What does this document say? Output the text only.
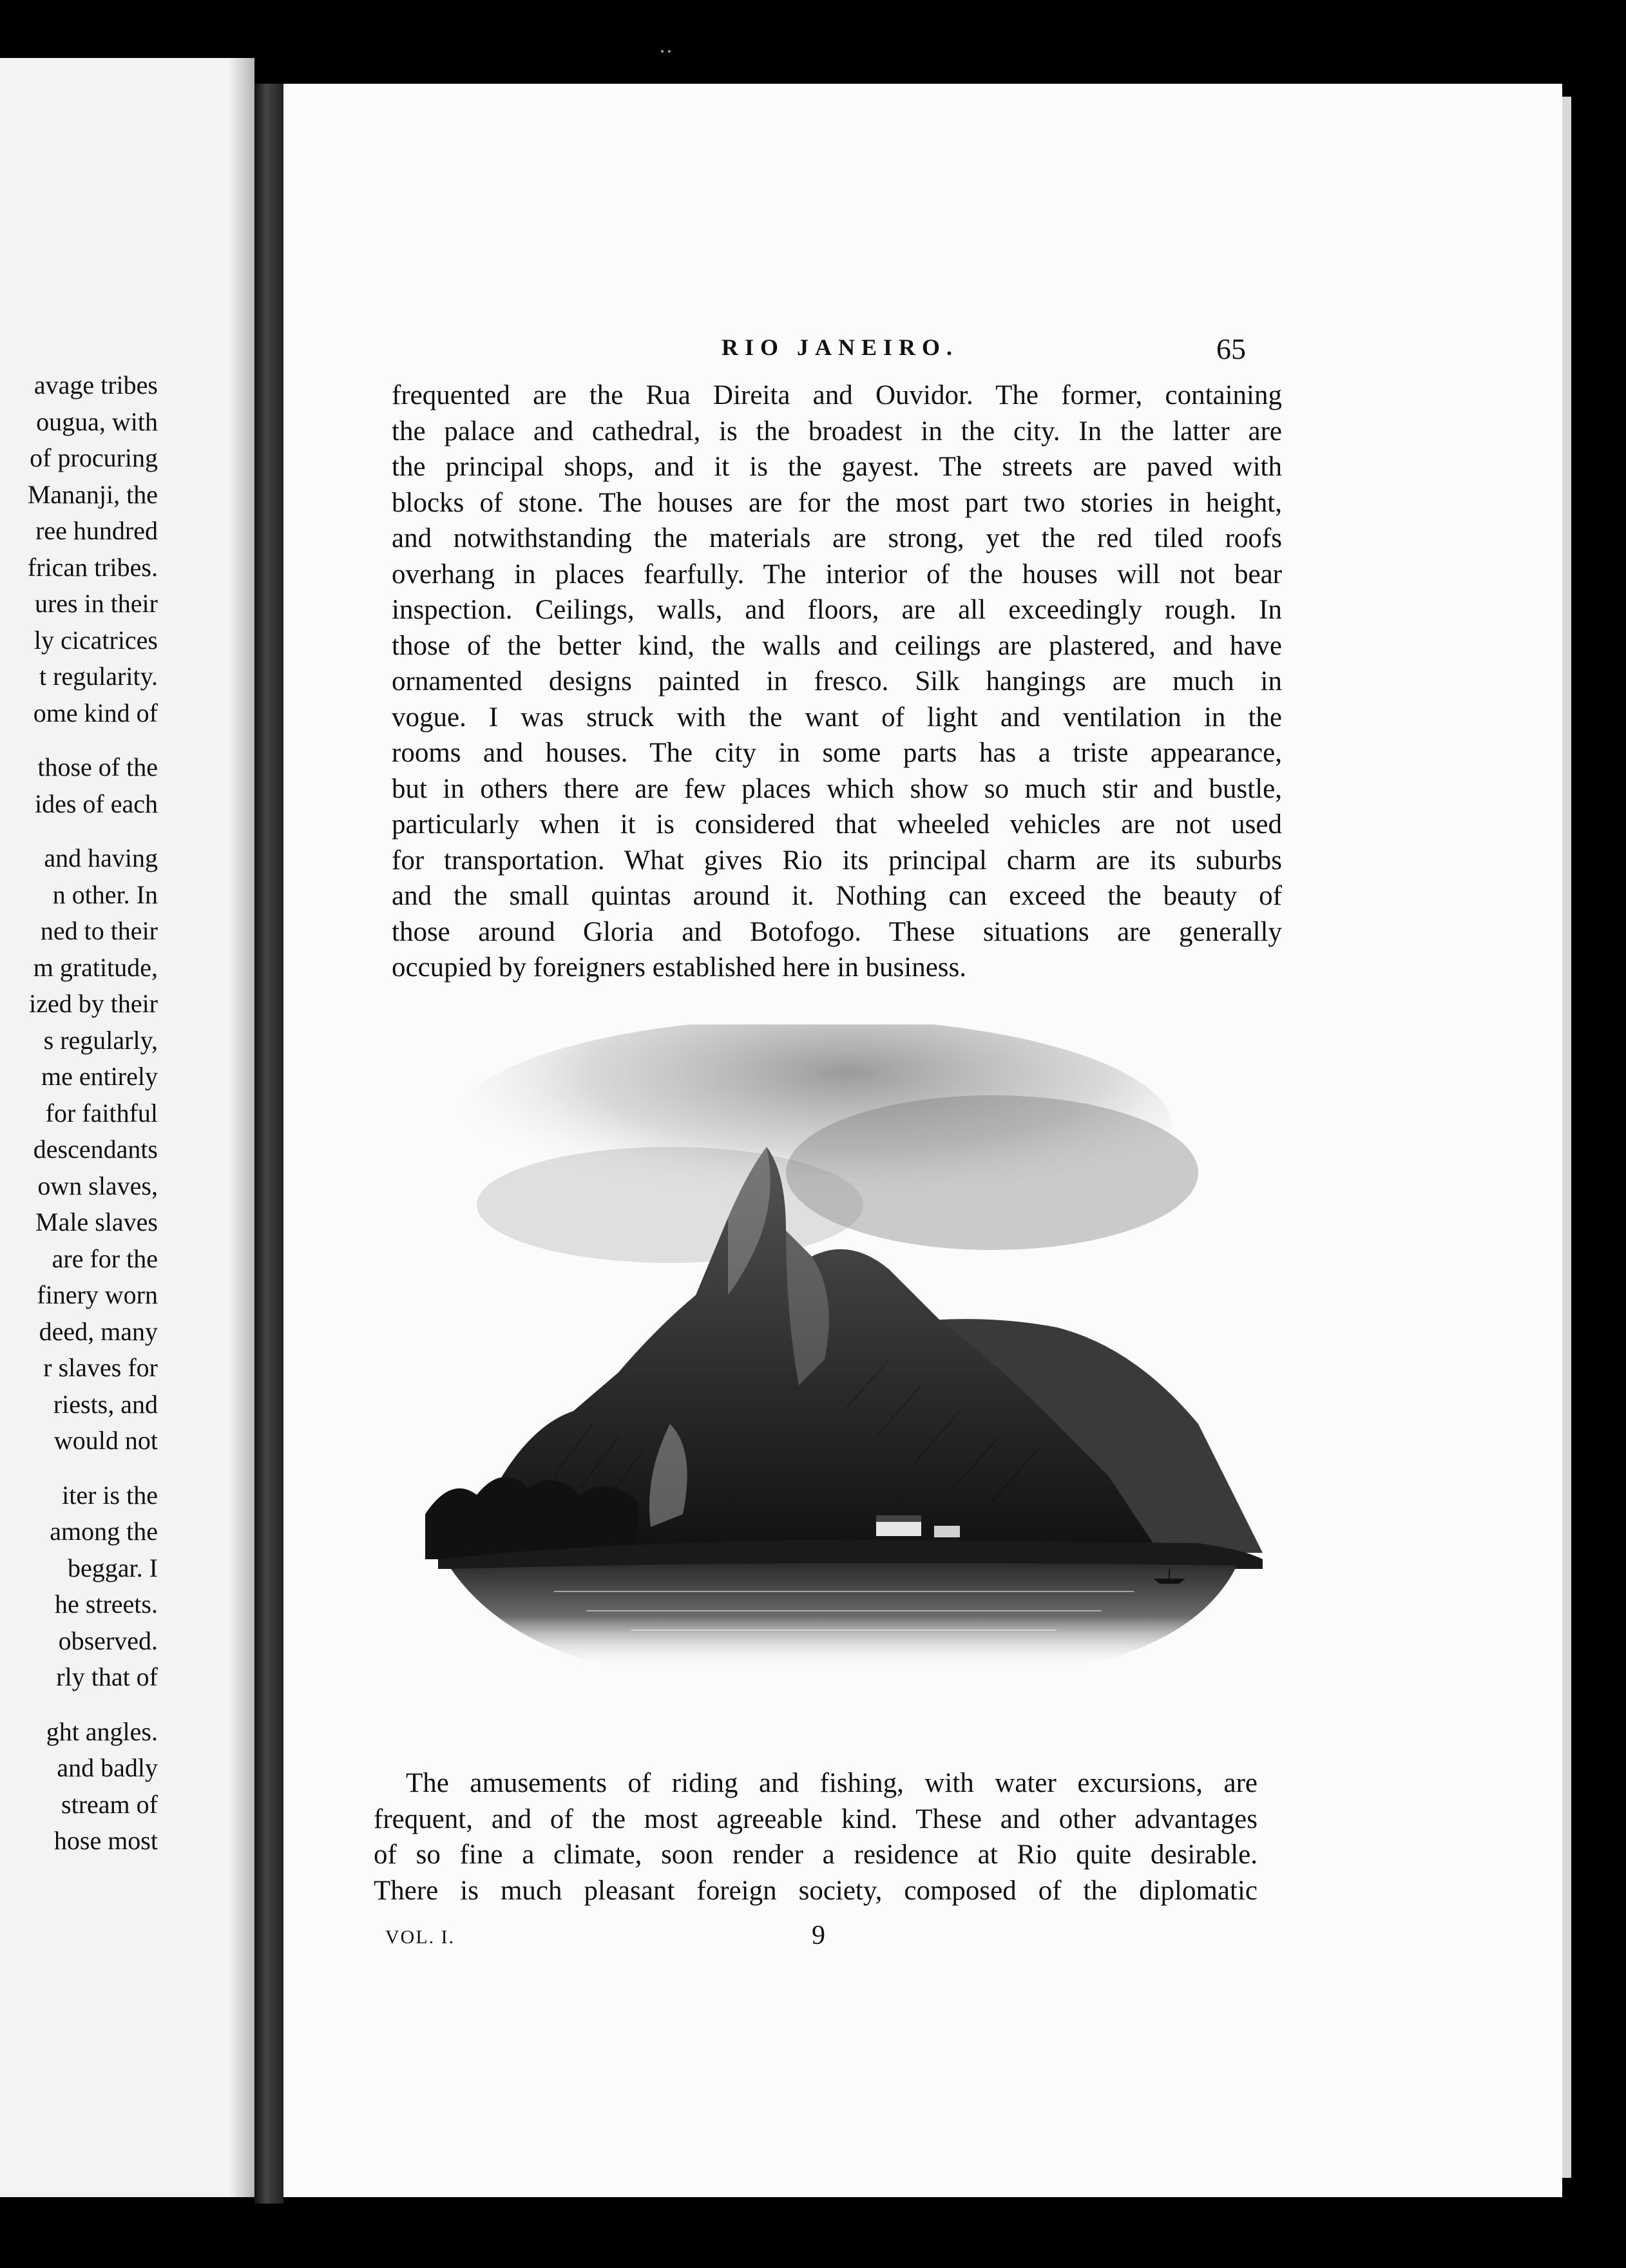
• •
avage tribes
ougua, with
of procuring
Mananji, the
ree hundred
frican tribes.
ures in their
ly cicatrices
t regularity.
ome kind of
those of the
ides of each
and having
n other. In
ned to their
m gratitude,
ized by their
s regularly,
me entirely
for faithful
descendants
own slaves,
Male slaves
are for the
finery worn
deed, many
r slaves for
riests, and
would not
iter is the
among the
beggar. I
he streets.
observed.
rly that of
ght angles.
and badly
stream of
hose most
RIO JANEIRO.	65
frequented are the Rua Direita and Ouvidor. The former, containing
the palace and cathedral, is the broadest in the city. In the latter are
the principal shops, and it is the gayest. The streets are paved with
blocks of stone. The houses are for the most part two stories in height,
and notwithstanding the materials are strong, yet the red tiled roofs
overhang in places fearfully. The interior of the houses will not bear
inspection. Ceilings, walls, and floors, are all exceedingly rough. In
those of the better kind, the walls and ceilings are plastered, and have
ornamented designs painted in fresco. Silk hangings are much in
vogue. I was struck with the want of light and ventilation in the
rooms and houses. The city in some parts has a triste appearance,
but in others there are few places which show so much stir and bustle,
particularly when it is considered that wheeled vehicles are not used
for transportation. What gives Rio its principal charm are its suburbs
and the small quintas around it. Nothing can exceed the beauty of
those around Gloria and Botofogo. These situations are generally
occupied by foreigners established here in business.
The amusements of riding and fishing, with water excursions, are
frequent, and of the most agreeable kind. These and other advantages
of so fine a climate, soon render a residence at Rio quite desirable.
There is much pleasant foreign society, composed of the diplomatic
VOL. I.	9
